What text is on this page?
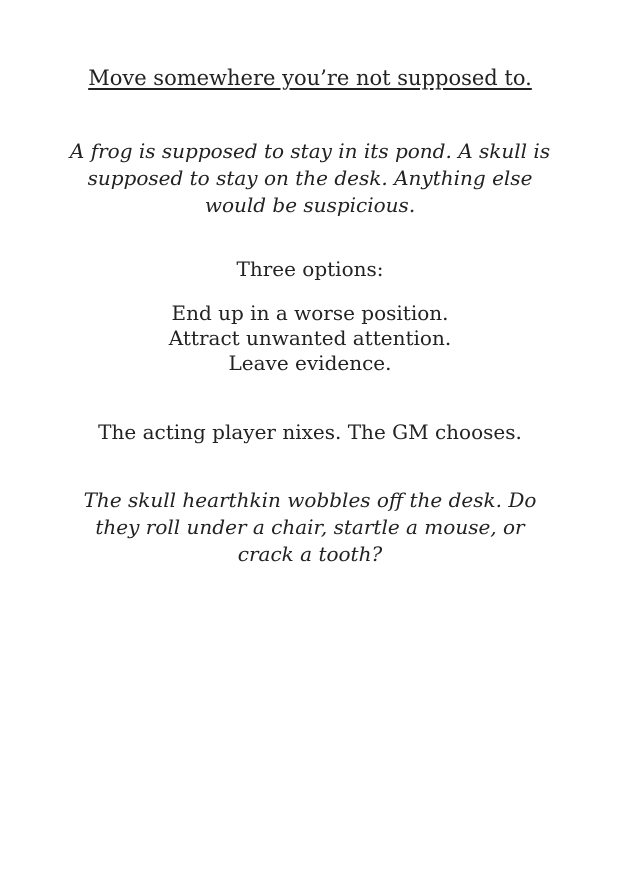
Move somewhere you’re not supposed to.

A frog is supposed to stay in its pond. A skull is supposed to stay on the desk. Anything else would be suspicious.

Three options:

End up in a worse position.
Attract unwanted attention.
Leave evidence.

The acting player nixes. The GM chooses.

The skull hearthkin wobbles off the desk. Do they roll under a chair, startle a mouse, or crack a tooth?
